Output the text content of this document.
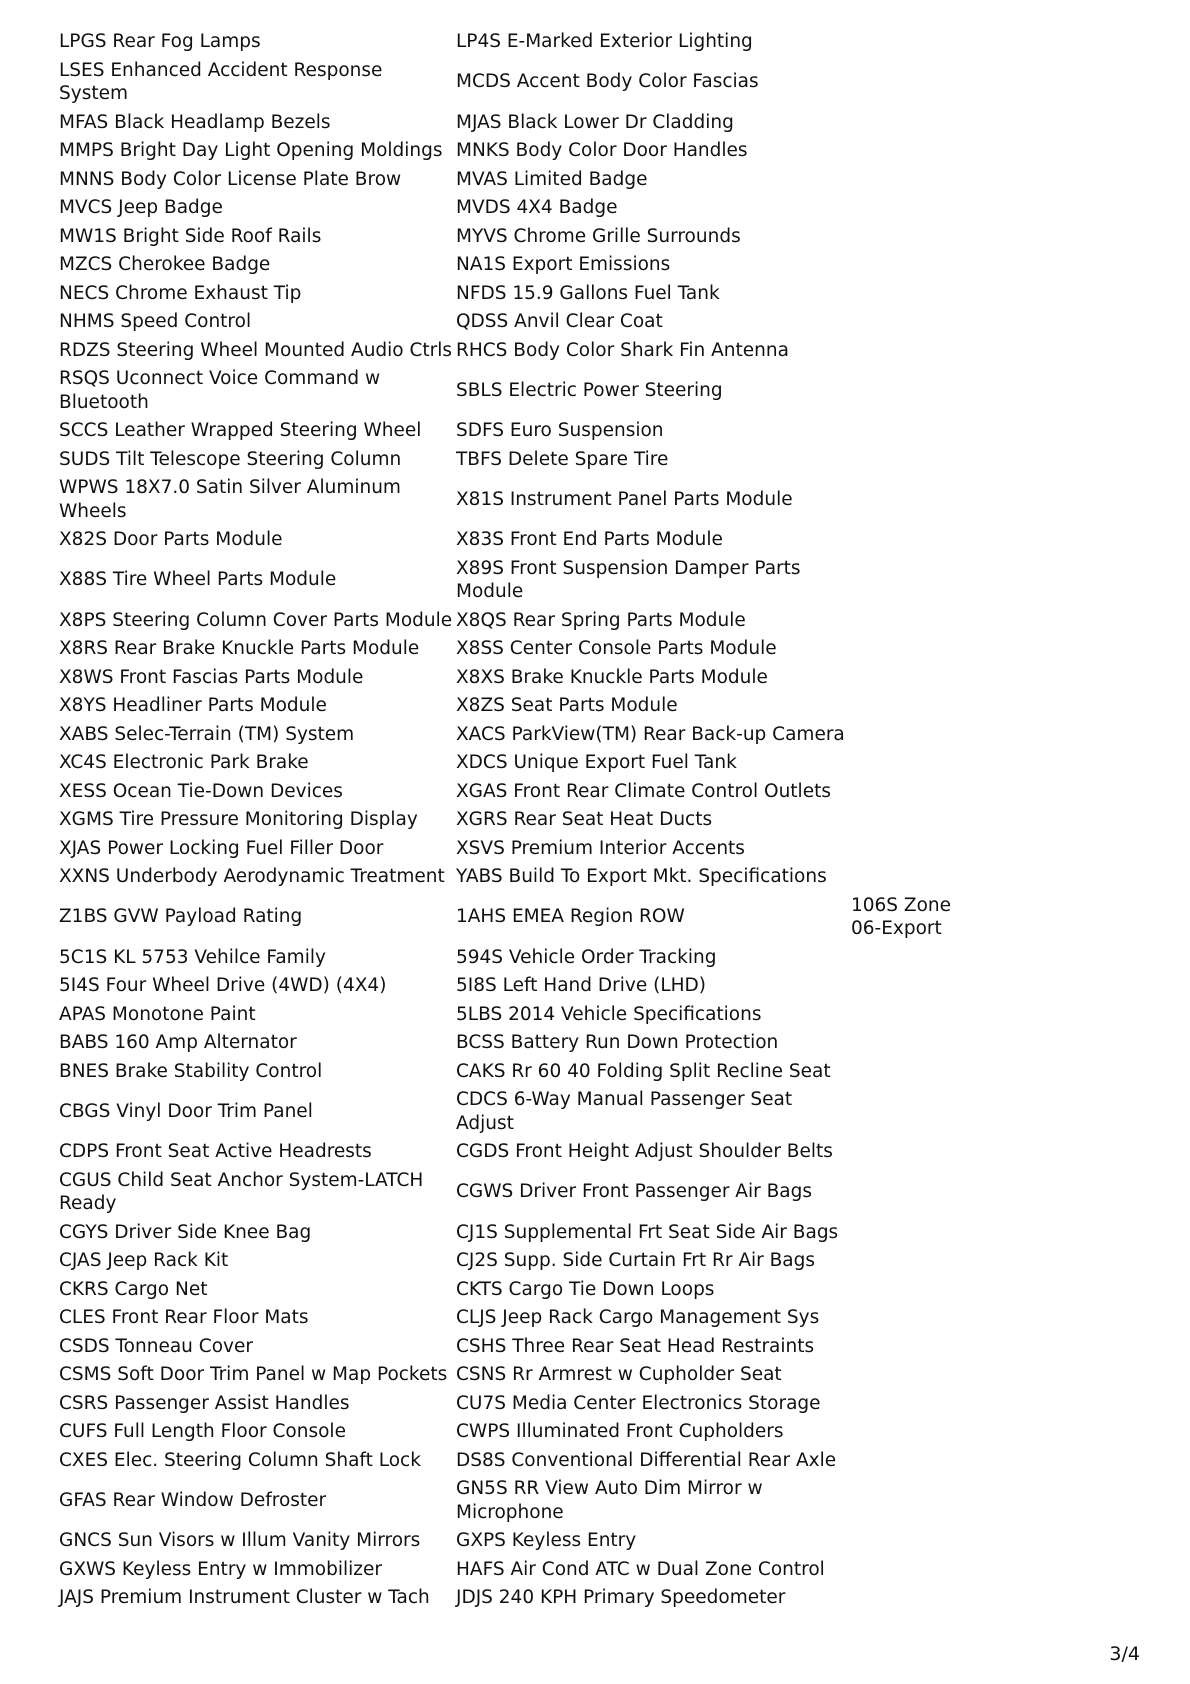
LPGS Rear Fog Lamps	LP4S E-Marked Exterior Lighting	
LSES Enhanced Accident Response System	MCDS Accent Body Color Fascias	
MFAS Black Headlamp Bezels	MJAS Black Lower Dr Cladding	
MMPS Bright Day Light Opening Moldings	MNKS Body Color Door Handles	
MNNS Body Color License Plate Brow	MVAS Limited Badge	
MVCS Jeep Badge	MVDS 4X4 Badge	
MW1S Bright Side Roof Rails	MYVS Chrome Grille Surrounds	
MZCS Cherokee Badge	NA1S Export Emissions	
NECS Chrome Exhaust Tip	NFDS 15.9 Gallons Fuel Tank	
NHMS Speed Control	QDSS Anvil Clear Coat	
RDZS Steering Wheel Mounted Audio Ctrls	RHCS Body Color Shark Fin Antenna	
RSQS Uconnect Voice Command w Bluetooth	SBLS Electric Power Steering	
SCCS Leather Wrapped Steering Wheel	SDFS Euro Suspension	
SUDS Tilt Telescope Steering Column	TBFS Delete Spare Tire	
WPWS 18X7.0 Satin Silver Aluminum Wheels	X81S Instrument Panel Parts Module	
X82S Door Parts Module	X83S Front End Parts Module	
X88S Tire Wheel Parts Module	X89S Front Suspension Damper Parts Module	
X8PS Steering Column Cover Parts Module	X8QS Rear Spring Parts Module	
X8RS Rear Brake Knuckle Parts Module	X8SS Center Console Parts Module	
X8WS Front Fascias Parts Module	X8XS Brake Knuckle Parts Module	
X8YS Headliner Parts Module	X8ZS Seat Parts Module	
XABS Selec-Terrain (TM) System	XACS ParkView(TM) Rear Back-up Camera	
XC4S Electronic Park Brake	XDCS Unique Export Fuel Tank	
XESS Ocean Tie-Down Devices	XGAS Front Rear Climate Control Outlets	
XGMS Tire Pressure Monitoring Display	XGRS Rear Seat Heat Ducts	
XJAS Power Locking Fuel Filler Door	XSVS Premium Interior Accents	
XXNS Underbody Aerodynamic Treatment	YABS Build To Export Mkt. Specifications	
Z1BS GVW Payload Rating	1AHS EMEA Region ROW	106S Zone 06-Export
5C1S KL 5753 Vehilce Family	594S Vehicle Order Tracking	
5I4S Four Wheel Drive (4WD) (4X4)	5I8S Left Hand Drive (LHD)	
APAS Monotone Paint	5LBS 2014 Vehicle Specifications	
BABS 160 Amp Alternator	BCSS Battery Run Down Protection	
BNES Brake Stability Control	CAKS Rr 60 40 Folding Split Recline Seat	
CBGS Vinyl Door Trim Panel	CDCS 6-Way Manual Passenger Seat Adjust	
CDPS Front Seat Active Headrests	CGDS Front Height Adjust Shoulder Belts	
CGUS Child Seat Anchor System-LATCH Ready	CGWS Driver Front Passenger Air Bags	
CGYS Driver Side Knee Bag	CJ1S Supplemental Frt Seat Side Air Bags	
CJAS Jeep Rack Kit	CJ2S Supp. Side Curtain Frt Rr Air Bags	
CKRS Cargo Net	CKTS Cargo Tie Down Loops	
CLES Front Rear Floor Mats	CLJS Jeep Rack Cargo Management Sys	
CSDS Tonneau Cover	CSHS Three Rear Seat Head Restraints	
CSMS Soft Door Trim Panel w Map Pockets	CSNS Rr Armrest w Cupholder Seat	
CSRS Passenger Assist Handles	CU7S Media Center Electronics Storage	
CUFS Full Length Floor Console	CWPS Illuminated Front Cupholders	
CXES Elec. Steering Column Shaft Lock	DS8S Conventional Differential Rear Axle	
GFAS Rear Window Defroster	GN5S RR View Auto Dim Mirror w Microphone	
GNCS Sun Visors w Illum Vanity Mirrors	GXPS Keyless Entry	
GXWS Keyless Entry w Immobilizer	HAFS Air Cond ATC w Dual Zone Control	
JAJS Premium Instrument Cluster w Tach	JDJS 240 KPH Primary Speedometer	
3/4
